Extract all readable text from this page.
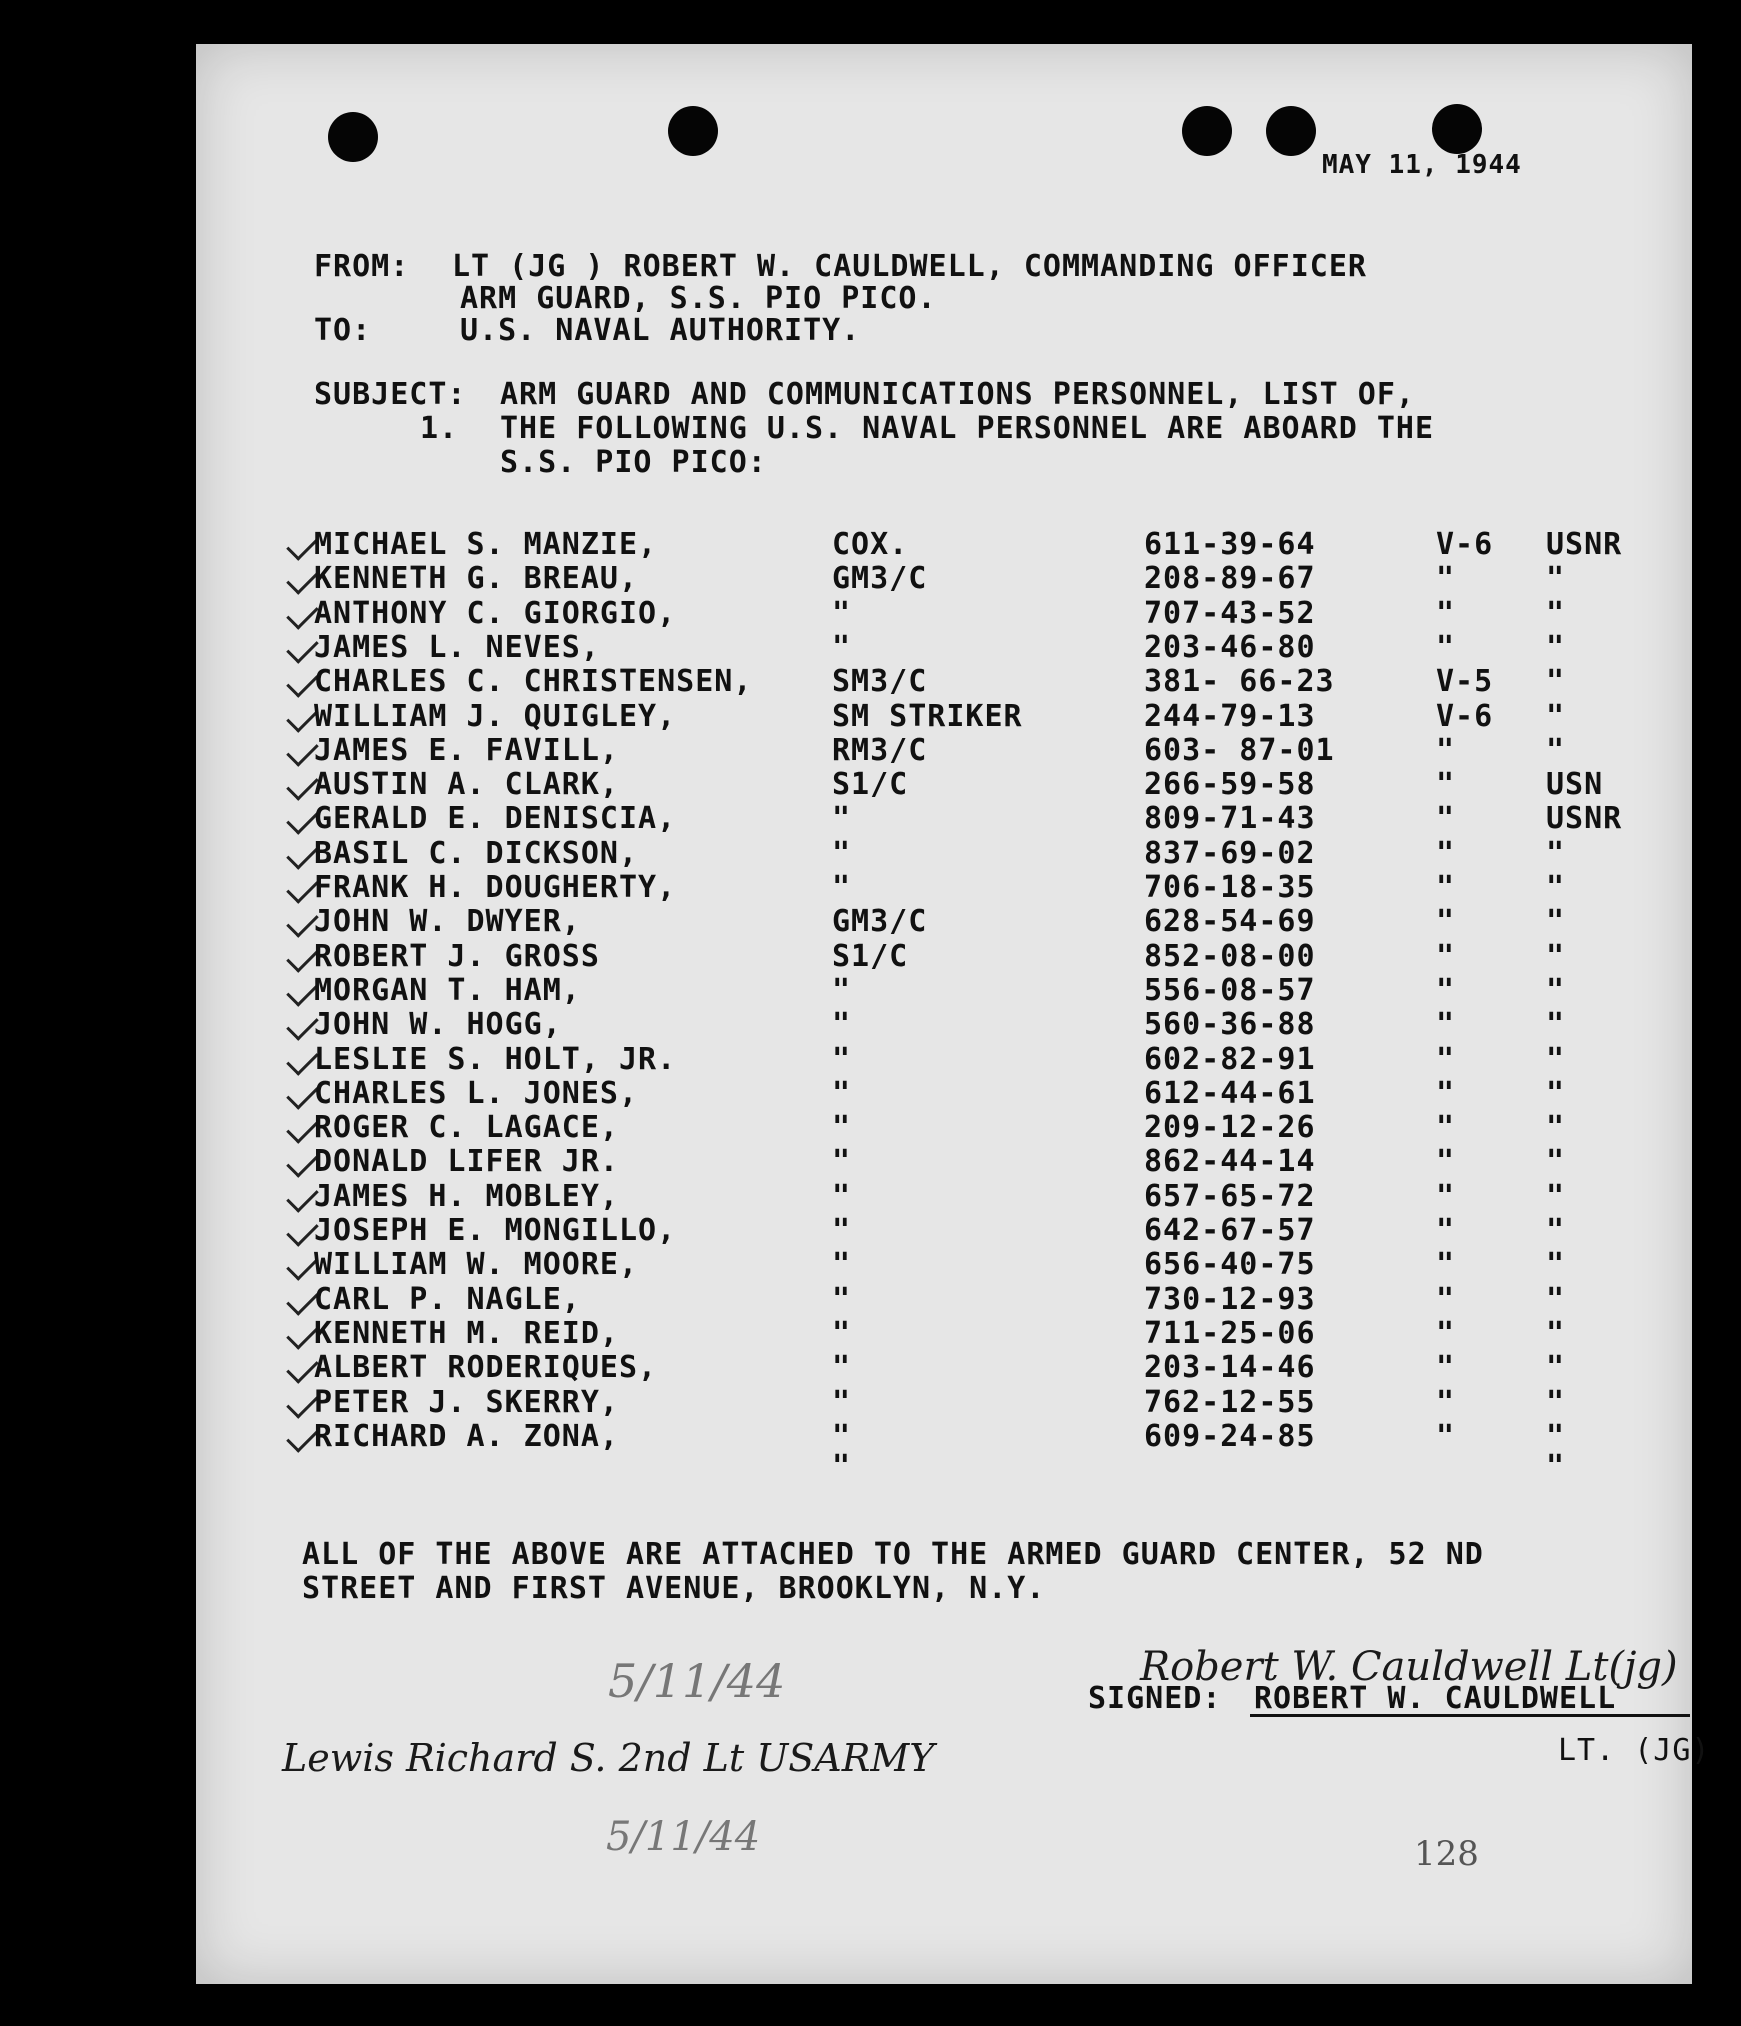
MAY 11, 1944

FROM:

LT (JG ) ROBERT W. CAULDWELL, COMMANDING OFFICER

ARM GUARD, S.S. PIO PICO.

TO:

	U.S. NAVAL AUTHORITY.

SUBJECT:

ARM GUARD AND COMMUNICATIONS PERSONNEL, LIST OF,

1.

THE FOLLOWING U.S. NAVAL PERSONNEL ARE ABOARD THE

S.S. PIO PICO:

MICHAEL S. MANZIE,	COX.	611-39-64	V-6 USNR
KENNETH G. BREAU,	GM3/C	208-89-67	"	"
ANTHONY C. GIORGIO,	"	707-43-52	"	"
JAMES L. NEVES,	"	203-46-80	"	"
CHARLES C. CHRISTENSEN,	SM3/C	381- 66-23	V-5 "
WILLIAM J. QUIGLEY,	SM STRIKER	244-79-13	V-6 "
JAMES E. FAVILL,	RM3/C	603- 87-01	"	"
AUSTIN A. CLARK,	S1/C	266-59-58	"	USN
GERALD E. DENISCIA,	"	809-71-43	"	USNR
BASIL C. DICKSON,	"	837-69-02	"	"
FRANK H. DOUGHERTY,	"	706-18-35	"	"
JOHN W. DWYER,	GM3/C	628-54-69	"	"
ROBERT J. GROSS	S1/C	852-08-00	"	"
MORGAN T. HAM,	"	556-08-57	"	"
JOHN W. HOGG,	"	560-36-88	"	"
LESLIE S. HOLT, JR.	"	602-82-91	"	"
CHARLES L. JONES,	"	612-44-61	"	"
ROGER C. LAGACE,	"	209-12-26	"	"
DONALD LIFER JR.	"	862-44-14	"	"
JAMES H. MOBLEY,	"	657-65-72	"	"
JOSEPH E. MONGILLO,	"	642-67-57	"	"
WILLIAM W. MOORE,	"	656-40-75	"	"
CARL P. NAGLE,	"	730-12-93	"	"
KENNETH M. REID,	"	711-25-06	"	"
ALBERT RODERIQUES,	"	203-14-46	"	"
PETER J. SKERRY,	"	762-12-55	"	"
RICHARD A. ZONA,	"	609-24-85	"	"
"	"
ALL OF THE ABOVE ARE ATTACHED TO THE ARMED GUARD CENTER, 52 ND
STREET AND FIRST AVENUE, BROOKLYN, N.Y.
5/11/44	Robert W. Cauldwell Lt(jg)
SIGNED: ROBERT W. CAULDWELL
LT. (JG)
Lewis Richard S. 2nd Lt USARMY
5/11/44	128
